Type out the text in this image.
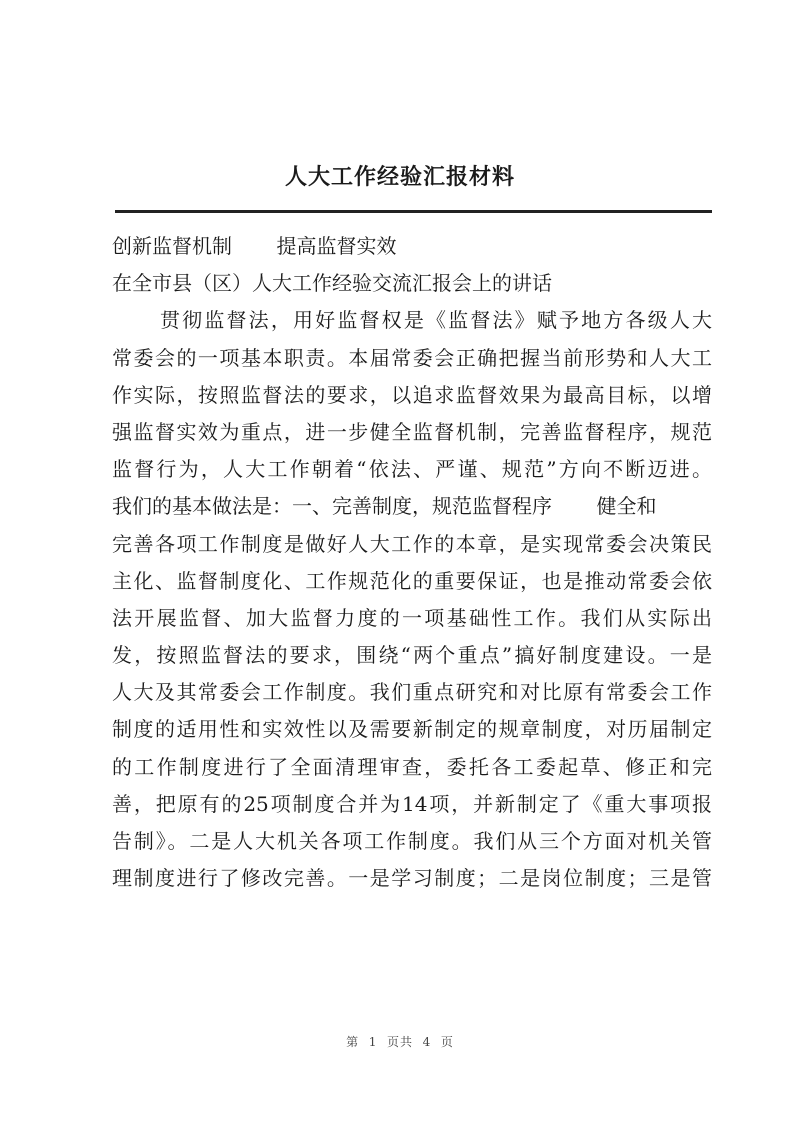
人大工作经验汇报材料
创新监督机制       提高监督实效
在全市县（区）人大工作经验交流汇报会上的讲话
贯彻监督法，用好监督权是《监督法》赋予地方各级人大
常委会的一项基本职责。本届常委会正确把握当前形势和人大工
作实际，按照监督法的要求，以追求监督效果为最高目标，以增
强监督实效为重点，进一步健全监督机制，完善监督程序，规范
监督行为，人大工作朝着“依法、严谨、规范”方向不断迈进。
我们的基本做法是：一、完善制度，规范监督程序       健全和
完善各项工作制度是做好人大工作的本章，是实现常委会决策民
主化、监督制度化、工作规范化的重要保证，也是推动常委会依
法开展监督、加大监督力度的一项基础性工作。我们从实际出
发，按照监督法的要求，围绕“两个重点”搞好制度建设。一是
人大及其常委会工作制度。我们重点研究和对比原有常委会工作
制度的适用性和实效性以及需要新制定的规章制度，对历届制定
的工作制度进行了全面清理审查，委托各工委起草、修正和完
善，把原有的25项制度合并为14项，并新制定了《重大事项报
告制》。二是人大机关各项工作制度。我们从三个方面对机关管
理制度进行了修改完善。一是学习制度；二是岗位制度；三是管
第  1  页共  4  页
